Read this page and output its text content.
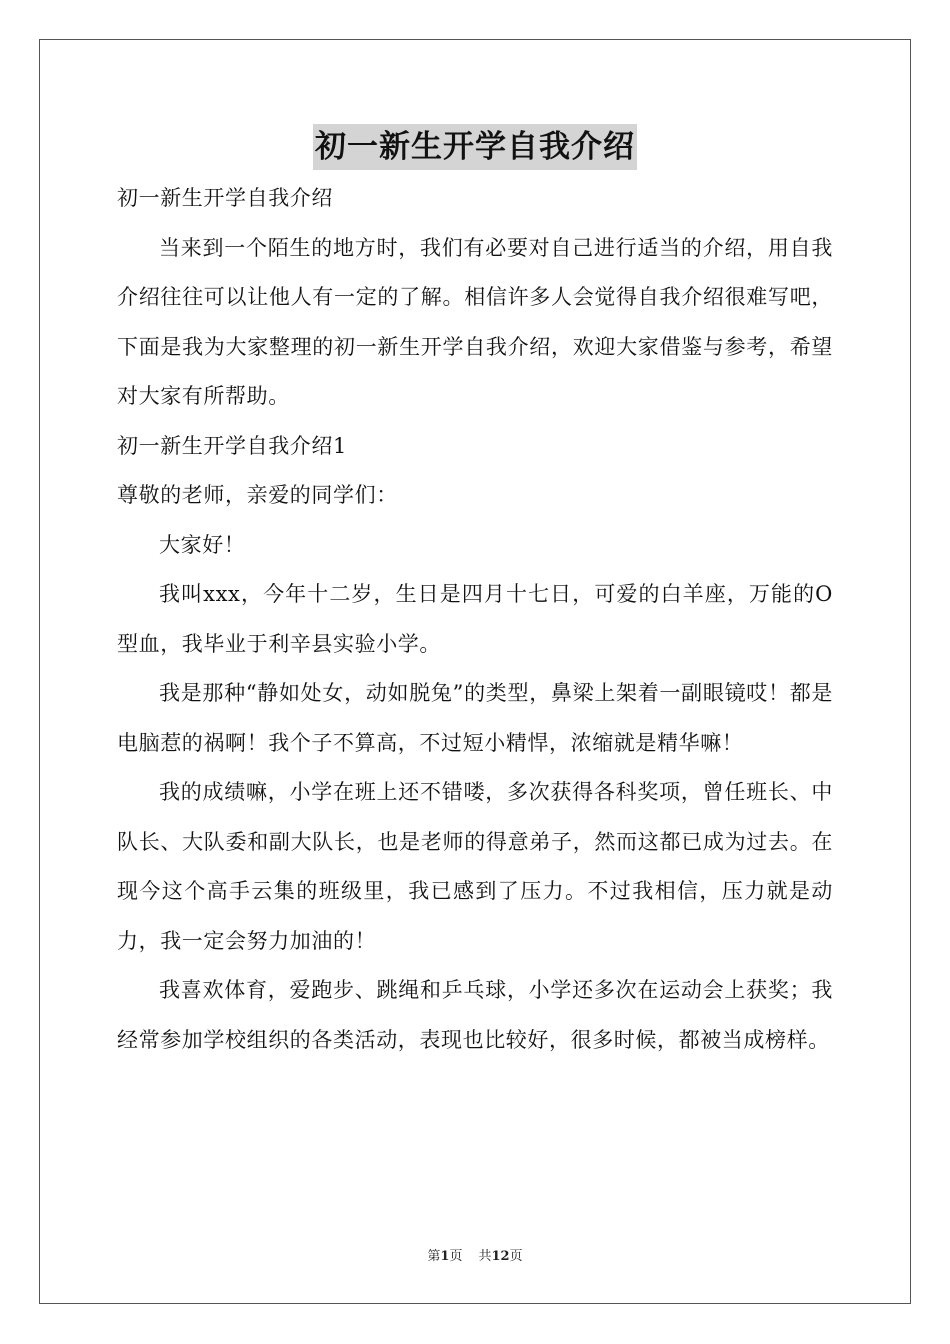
初一新生开学自我介绍

初一新生开学自我介绍

当来到一个陌生的地方时，我们有必要对自己进行适当的介绍，用自我介绍往往可以让他人有一定的了解。相信许多人会觉得自我介绍很难写吧，下面是我为大家整理的初一新生开学自我介绍，欢迎大家借鉴与参考，希望对大家有所帮助。

初一新生开学自我介绍1

尊敬的老师，亲爱的同学们：

大家好！

我叫xxx，今年十二岁，生日是四月十七日，可爱的白羊座，万能的O型血，我毕业于利辛县实验小学。

我是那种“静如处女，动如脱兔”的类型，鼻梁上架着一副眼镜哎！都是电脑惹的祸啊！我个子不算高，不过短小精悍，浓缩就是精华嘛！

我的成绩嘛，小学在班上还不错喽，多次获得各科奖项，曾任班长、中队长、大队委和副大队长，也是老师的得意弟子，然而这都已成为过去。在现今这个高手云集的班级里，我已感到了压力。不过我相信，压力就是动力，我一定会努力加油的！

我喜欢体育，爱跑步、跳绳和乒乓球，小学还多次在运动会上获奖；我经常参加学校组织的各类活动，表现也比较好，很多时候，都被当成榜样。

第1页 共12页
